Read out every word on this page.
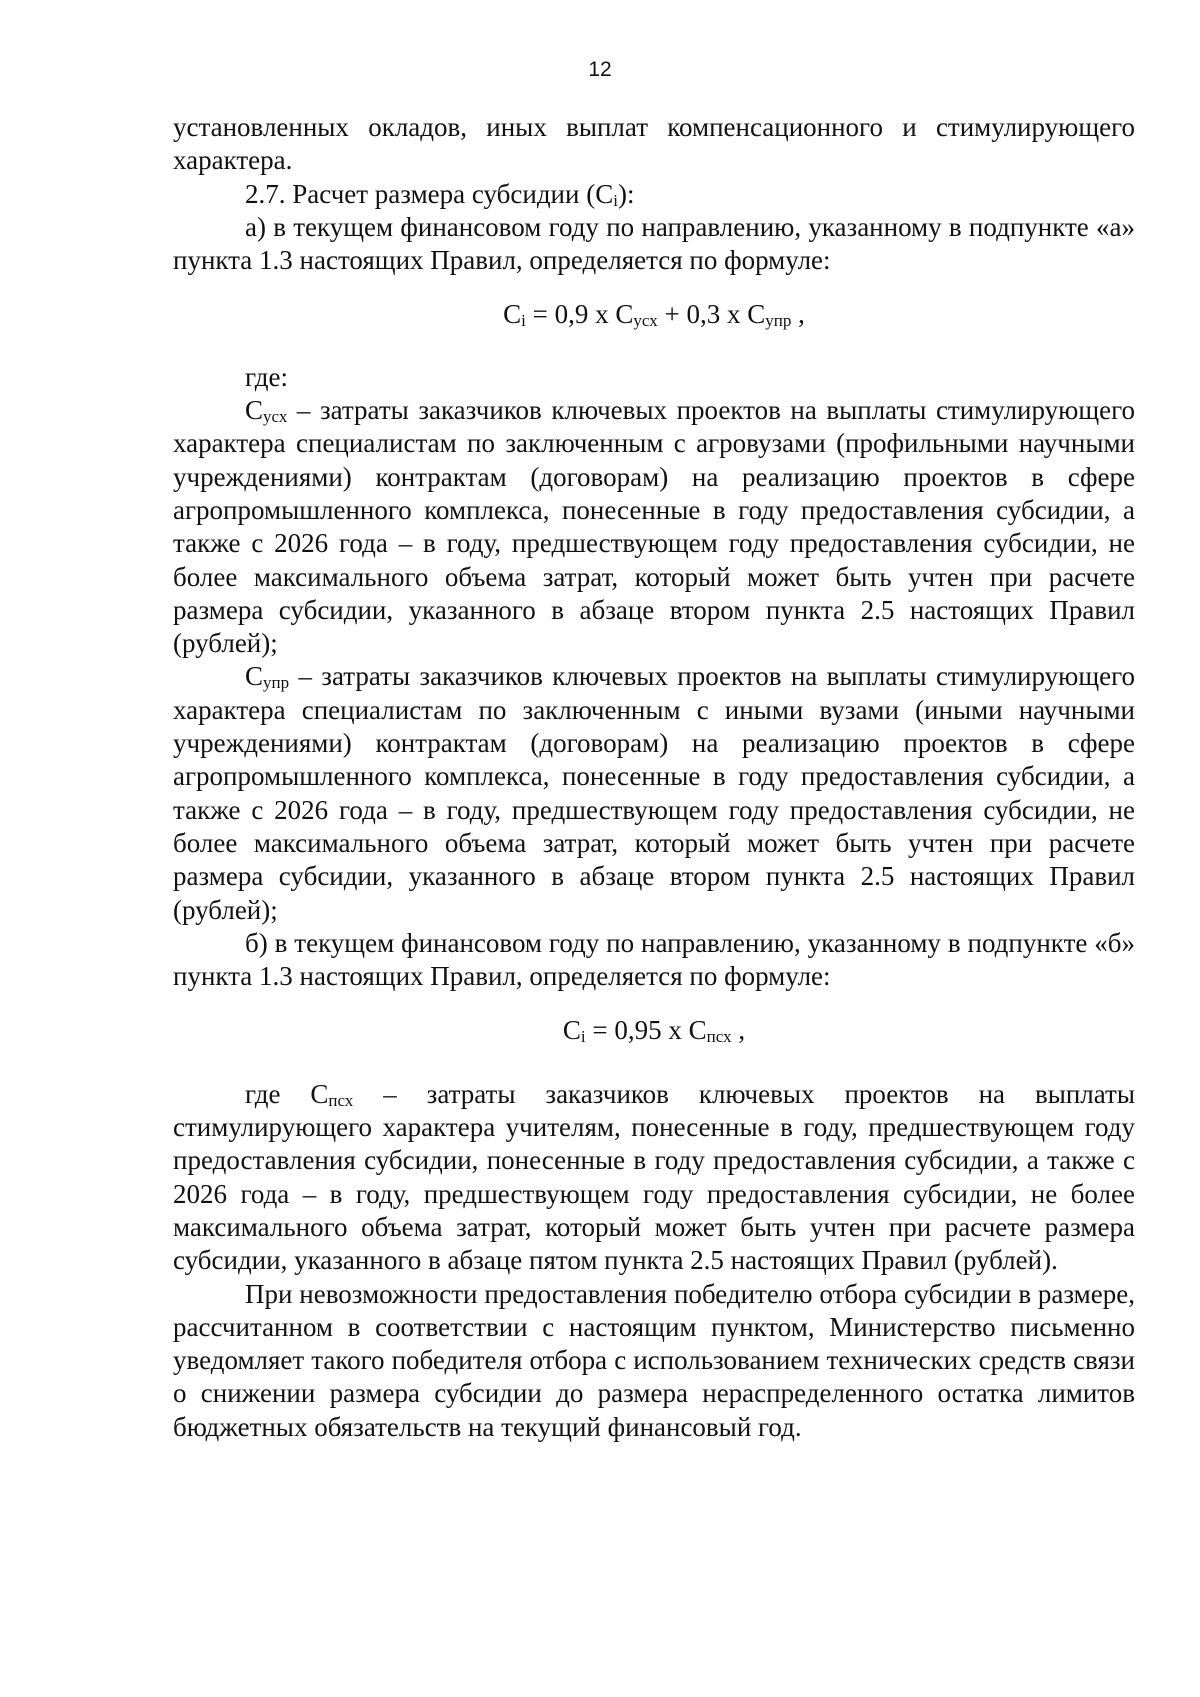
12

установленных окладов, иных выплат компенсационного и стимулирующего характера.

2.7. Расчет размера субсидии $(С_i)$:

а) в текущем финансовом году по направлению, указанному в подпункте «а» пункта 1.3 настоящих Правил, определяется по формуле:

$С_i = 0,9$ х $С_{усх} + 0,3$ х $С_{упр}$ ,

где:

$С_{усх}$ – затраты заказчиков ключевых проектов на выплаты стимулирующего характера специалистам по заключенным с агровузами (профильными научными учреждениями) контрактам (договорам) на реализацию проектов в сфере агропромышленного комплекса, понесенные в году предоставления субсидии, а также с 2026 года – в году, предшествующем году предоставления субсидии, не более максимального объема затрат, который может быть учтен при расчете размера субсидии, указанного в абзаце втором пункта 2.5 настоящих Правил (рублей);

$С_{упр}$ – затраты заказчиков ключевых проектов на выплаты стимулирующего характера специалистам по заключенным с иными вузами (иными научными учреждениями) контрактам (договорам) на реализацию проектов в сфере агропромышленного комплекса, понесенные в году предоставления субсидии, а также с 2026 года – в году, предшествующем году предоставления субсидии, не более максимального объема затрат, который может быть учтен при расчете размера субсидии, указанного в абзаце втором пункта 2.5 настоящих Правил (рублей);

б) в текущем финансовом году по направлению, указанному в подпункте «б» пункта 1.3 настоящих Правил, определяется по формуле:

$С_i = 0,95$ х $С_{псх}$ ,

где $С_{псх}$ – затраты заказчиков ключевых проектов на выплаты стимулирующего характера учителям, понесенные в году, предшествующем году предоставления субсидии, понесенные в году предоставления субсидии, а также с 2026 года – в году, предшествующем году предоставления субсидии, не более максимального объема затрат, который может быть учтен при расчете размера субсидии, указанного в абзаце пятом пункта 2.5 настоящих Правил (рублей).

При невозможности предоставления победителю отбора субсидии в размере, рассчитанном в соответствии с настоящим пунктом, Министерство письменно уведомляет такого победителя отбора с использованием технических средств связи о снижении размера субсидии до размера нераспределенного остатка лимитов бюджетных обязательств на текущий финансовый год.
